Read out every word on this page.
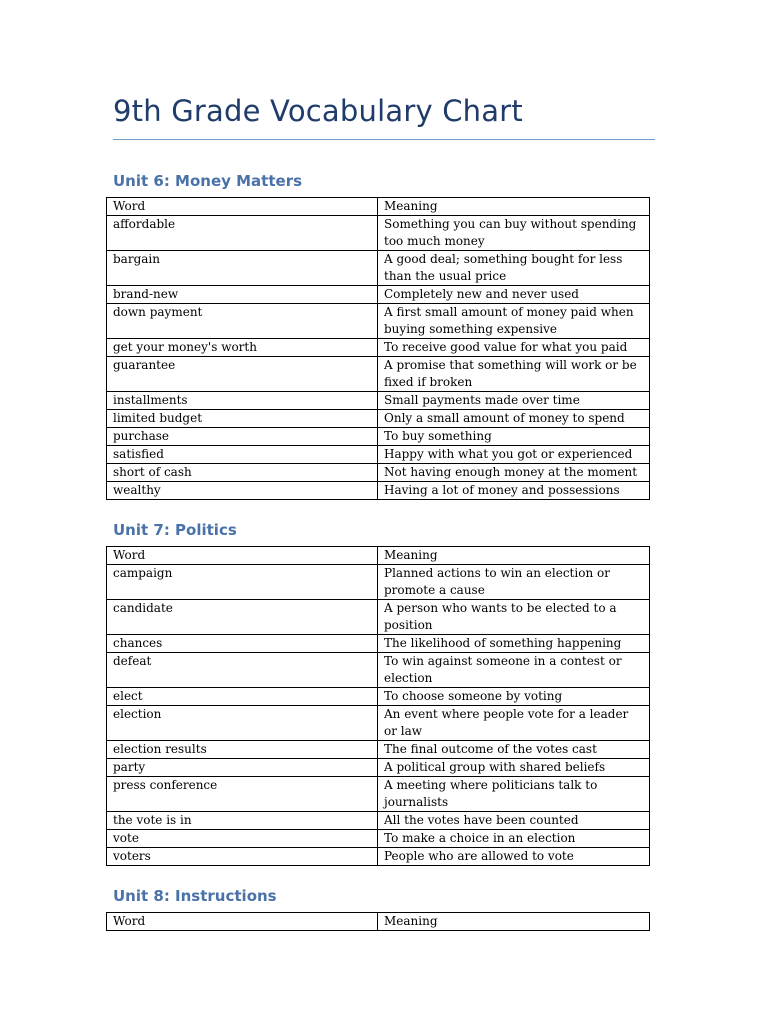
9th Grade Vocabulary Chart
Unit 6: Money Matters
Word	Meaning
affordable	Something you can buy without spending too much money
bargain	A good deal; something bought for less than the usual price
brand-new	Completely new and never used
down payment	A first small amount of money paid when buying something expensive
get your money's worth	To receive good value for what you paid
guarantee	A promise that something will work or be fixed if broken
installments	Small payments made over time
limited budget	Only a small amount of money to spend
purchase	To buy something
satisfied	Happy with what you got or experienced
short of cash	Not having enough money at the moment
wealthy	Having a lot of money and possessions
Unit 7: Politics
Word	Meaning
campaign	Planned actions to win an election or promote a cause
candidate	A person who wants to be elected to a position
chances	The likelihood of something happening
defeat	To win against someone in a contest or election
elect	To choose someone by voting
election	An event where people vote for a leader or law
election results	The final outcome of the votes cast
party	A political group with shared beliefs
press conference	A meeting where politicians talk to journalists
the vote is in	All the votes have been counted
vote	To make a choice in an election
voters	People who are allowed to vote
Unit 8: Instructions
Word	Meaning
